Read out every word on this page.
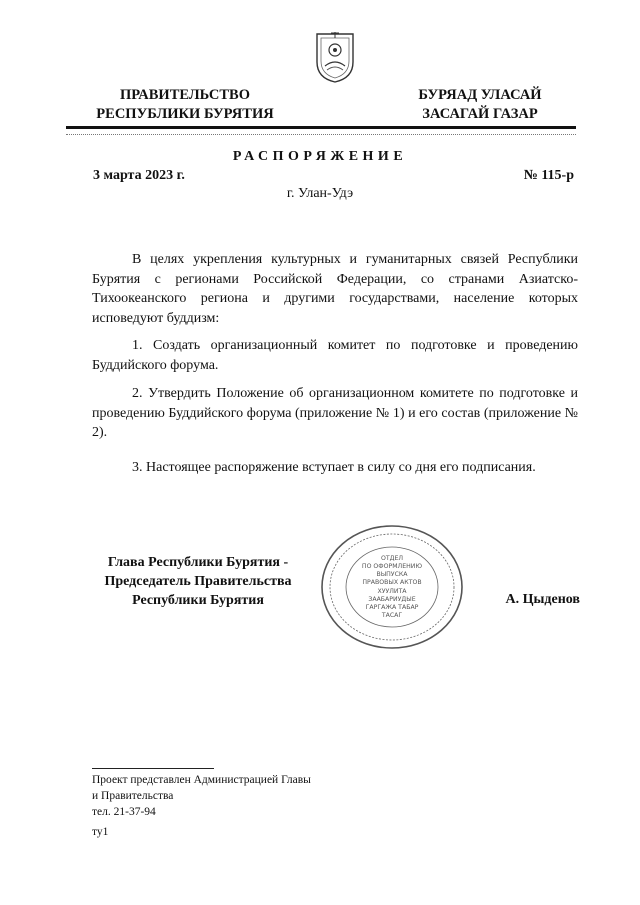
ПРАВИТЕЛЬСТВО
РЕСПУБЛИКИ БУРЯТИЯ
БУРЯАД УЛАСАЙ
ЗАСАГАЙ ГАЗАР
РАСПОРЯЖЕНИЕ
3 марта 2023 г.	№ 115-р
г. Улан-Удэ

В целях укрепления культурных и гуманитарных связей Республики Бурятия с регионами Российской Федерации, со странами Азиатско-Тихоокеанского региона и другими государствами, население которых исповедуют буддизм:

1. Создать организационный комитет по подготовке и проведению Буддийского форума.

2. Утвердить Положение об организационном комитете по подготовке и проведению Буддийского форума (приложение № 1) и его состав (приложение № 2).

3. Настоящее распоряжение вступает в силу со дня его подписания.

Глава Республики Бурятия -
Председатель Правительства
Республики Бурятия
ОТДЕЛ
ПО ОФОРМЛЕНИЮ
ВЫПУСКА
ПРАВОВЫХ АКТОВ
ХУУЛИТА
ЗААБАРИУДЫЕ
ГАРГАЖА ТАБАР
ТАСАГ
А. Цыденов
Проект представлен Администрацией Главы
и Правительства
тел. 21-37-94
ту1
